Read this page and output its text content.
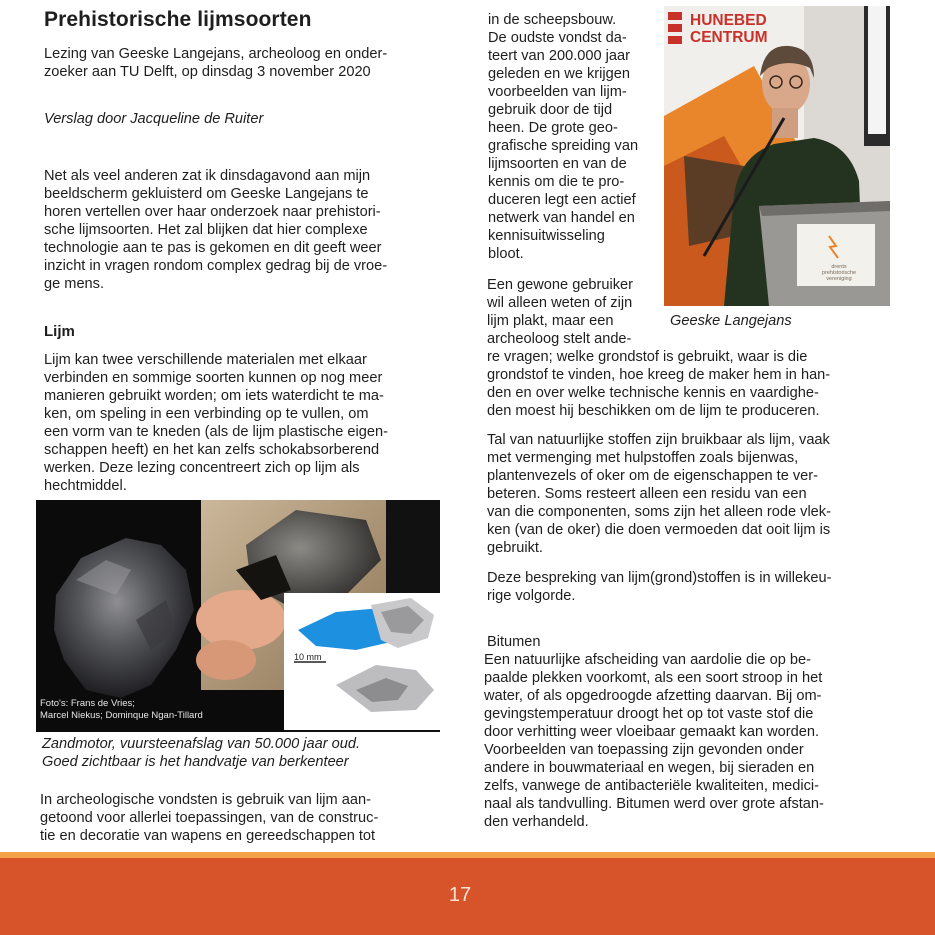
Prehistorische lijmsoorten
Lezing van Geeske Langejans, archeoloog en onder-
zoeker aan TU Delft, op dinsdag 3 november 2020
Verslag door Jacqueline de Ruiter
Net als veel anderen zat ik dinsdagavond aan mijn
beeldscherm gekluisterd om Geeske Langejans te
horen vertellen over haar onderzoek naar prehistori-
sche lijmsoorten. Het zal blijken dat hier complexe
technologie aan te pas is gekomen en dit geeft weer
inzicht in vragen rondom complex gedrag bij de vroe-
ge mens.
Lijm
Lijm kan twee verschillende materialen met elkaar
verbinden en sommige soorten kunnen op nog meer
manieren gebruikt worden; om iets waterdicht te ma-
ken, om speling in een verbinding op te vullen, om
een vorm van te kneden (als de lijm plastische eigen-
schappen heeft) en het kan zelfs schokabsorberend
werken. Deze lezing concentreert zich op lijm als
hechtmiddel.
10 mm
Foto's: Frans de Vries;
Marcel Niekus; Dominque Ngan-Tillard
Zandmotor, vuursteenafslag van 50.000 jaar oud.
Goed zichtbaar is het handvatje van berkenteer
In archeologische vondsten is gebruik van lijm aan-
getoond voor allerlei toepassingen, van de construc-
tie en decoratie van wapens en gereedschappen tot
in de scheepsbouw.
De oudste vondst da-
teert van 200.000 jaar
geleden en we krijgen
voorbeelden van lijm-
gebruik door de tijd
heen. De grote geo-
grafische spreiding van
lijmsoorten en van de
kennis om die te pro-
duceren legt een actief
netwerk van handel en
kennisuitwisseling
bloot.
HUNEBED
CENTRUM
drents
prehistorische
vereniging
Geeske Langejans
Een gewone gebruiker
wil alleen weten of zijn
lijm plakt, maar een
archeoloog stelt ande-
re vragen; welke grondstof is gebruikt, waar is die
grondstof te vinden, hoe kreeg de maker hem in han-
den en over welke technische kennis en vaardighe-
den moest hij beschikken om de lijm te produceren.
Tal van natuurlijke stoffen zijn bruikbaar als lijm, vaak
met vermenging met hulpstoffen zoals bijenwas,
plantenvezels of oker om de eigenschappen te ver-
beteren. Soms resteert alleen een residu van een
van die componenten, soms zijn het alleen rode vlek-
ken (van de oker) die doen vermoeden dat ooit lijm is
gebruikt.
Deze bespreking van lijm(grond)stoffen is in willekeu-
rige volgorde.
Bitumen
Een natuurlijke afscheiding van aardolie die op be-
paalde plekken voorkomt, als een soort stroop in het
water, of als opgedroogde afzetting daarvan. Bij om-
gevingstemperatuur droogt het op tot vaste stof die
door verhitting weer vloeibaar gemaakt kan worden.
Voorbeelden van toepassing zijn gevonden onder
andere in bouwmateriaal en wegen, bij sieraden en
zelfs, vanwege de antibacteriële kwaliteiten, medici-
naal als tandvulling. Bitumen werd over grote afstan-
den verhandeld.
17
